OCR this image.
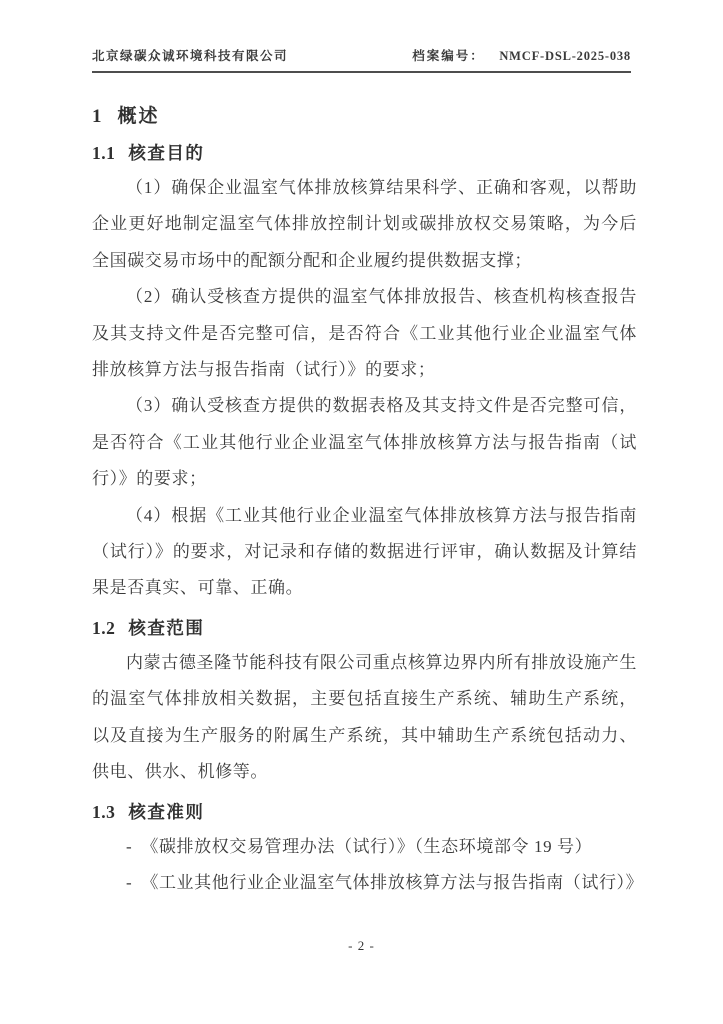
北京绿碳众诚环境科技有限公司	档案编号： NMCF-DSL-2025-038
1 概述
1.1 核查目的

（1）确保企业温室气体排放核算结果科学、正确和客观，以帮助企业更好地制定温室气体排放控制计划或碳排放权交易策略，为今后全国碳交易市场中的配额分配和企业履约提供数据支撑；

（2）确认受核查方提供的温室气体排放报告、核查机构核查报告及其支持文件是否完整可信，是否符合《工业其他行业企业温室气体排放核算方法与报告指南（试行）》的要求；

（3）确认受核查方提供的数据表格及其支持文件是否完整可信，是否符合《工业其他行业企业温室气体排放核算方法与报告指南（试行）》的要求；

（4）根据《工业其他行业企业温室气体排放核算方法与报告指南（试行）》的要求，对记录和存储的数据进行评审，确认数据及计算结果是否真实、可靠、正确。

1.2 核查范围

内蒙古德圣隆节能科技有限公司重点核算边界内所有排放设施产生的温室气体排放相关数据，主要包括直接生产系统、辅助生产系统，以及直接为生产服务的附属生产系统，其中辅助生产系统包括动力、供电、供水、机修等。

1.3 核查准则

-　《碳排放权交易管理办法（试行）》（生态环境部令 19 号）

-　《工业其他行业企业温室气体排放核算方法与报告指南（试行）》

- 2 -
